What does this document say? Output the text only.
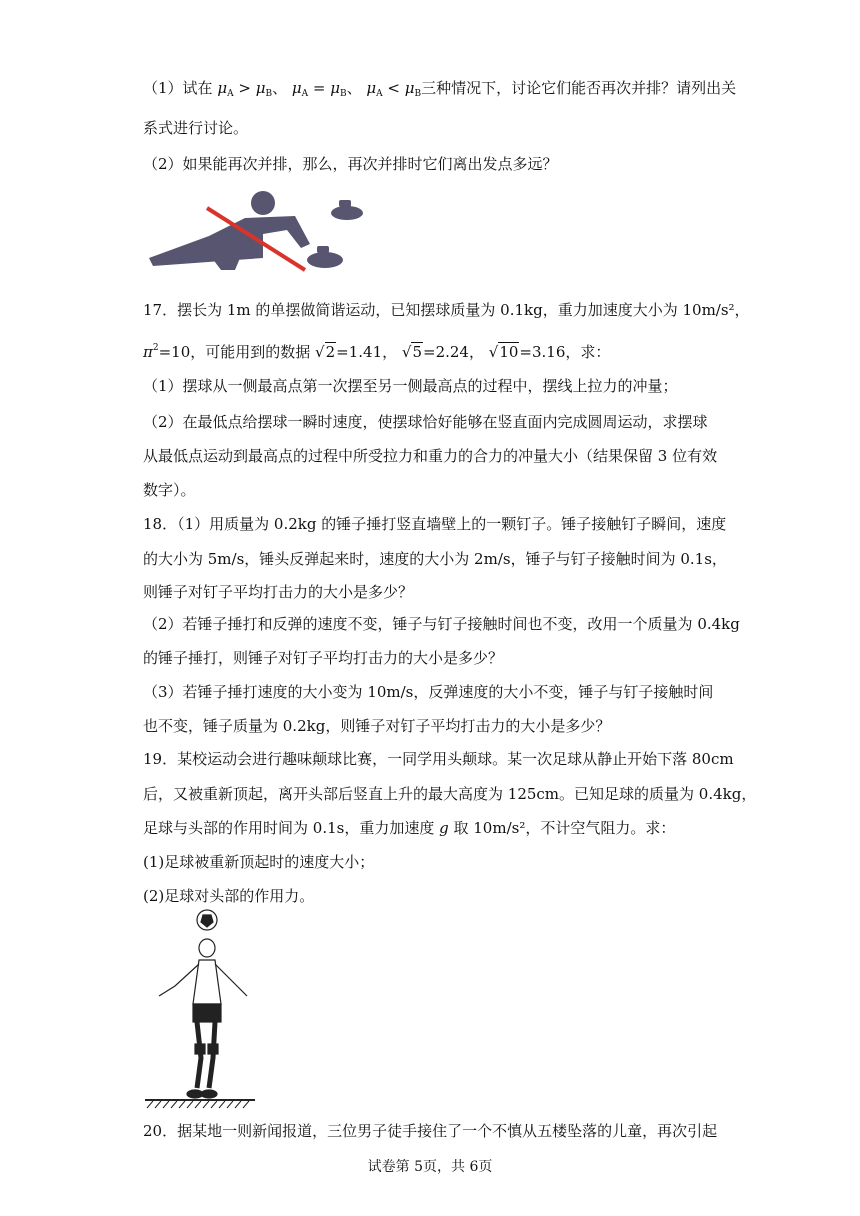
（1）试在 $\mu_A > \mu_B$、 $\mu_A = \mu_B$、 $\mu_A < \mu_B$三种情况下，讨论它们能否再次并排？请列出关
系式进行讨论。
（2）如果能再次并排，那么，再次并排时它们离出发点多远？
17．摆长为 1m 的单摆做简谐运动，已知摆球质量为 0.1kg，重力加速度大小为 10m/s²，
$\pi^2=10$，可能用到的数据 √2=1.41， √5=2.24， √10=3.16，求：
（1）摆球从一侧最高点第一次摆至另一侧最高点的过程中，摆线上拉力的冲量；
（2）在最低点给摆球一瞬时速度，使摆球恰好能够在竖直面内完成圆周运动，求摆球
从最低点运动到最高点的过程中所受拉力和重力的合力的冲量大小（结果保留 3 位有效
数字）。
18．（1）用质量为 0.2kg 的锤子捶打竖直墙壁上的一颗钉子。锤子接触钉子瞬间，速度
的大小为 5m/s，锤头反弹起来时，速度的大小为 2m/s，锤子与钉子接触时间为 0.1s，
则锤子对钉子平均打击力的大小是多少？
（2）若锤子捶打和反弹的速度不变，锤子与钉子接触时间也不变，改用一个质量为 0.4kg
的锤子捶打，则锤子对钉子平均打击力的大小是多少？
（3）若锤子捶打速度的大小变为 10m/s，反弹速度的大小不变，锤子与钉子接触时间
也不变，锤子质量为 0.2kg，则锤子对钉子平均打击力的大小是多少？
19．某校运动会进行趣味颠球比赛，一同学用头颠球。某一次足球从静止开始下落 80cm
后，又被重新顶起，离开头部后竖直上升的最大高度为 125cm。已知足球的质量为 0.4kg，
足球与头部的作用时间为 0.1s，重力加速度 g 取 10m/s²，不计空气阻力。求：
(1)足球被重新顶起时的速度大小；
(2)足球对头部的作用力。
20．据某地一则新闻报道，三位男子徒手接住了一个不慎从五楼坠落的儿童，再次引起
试卷第 5页，共 6页
